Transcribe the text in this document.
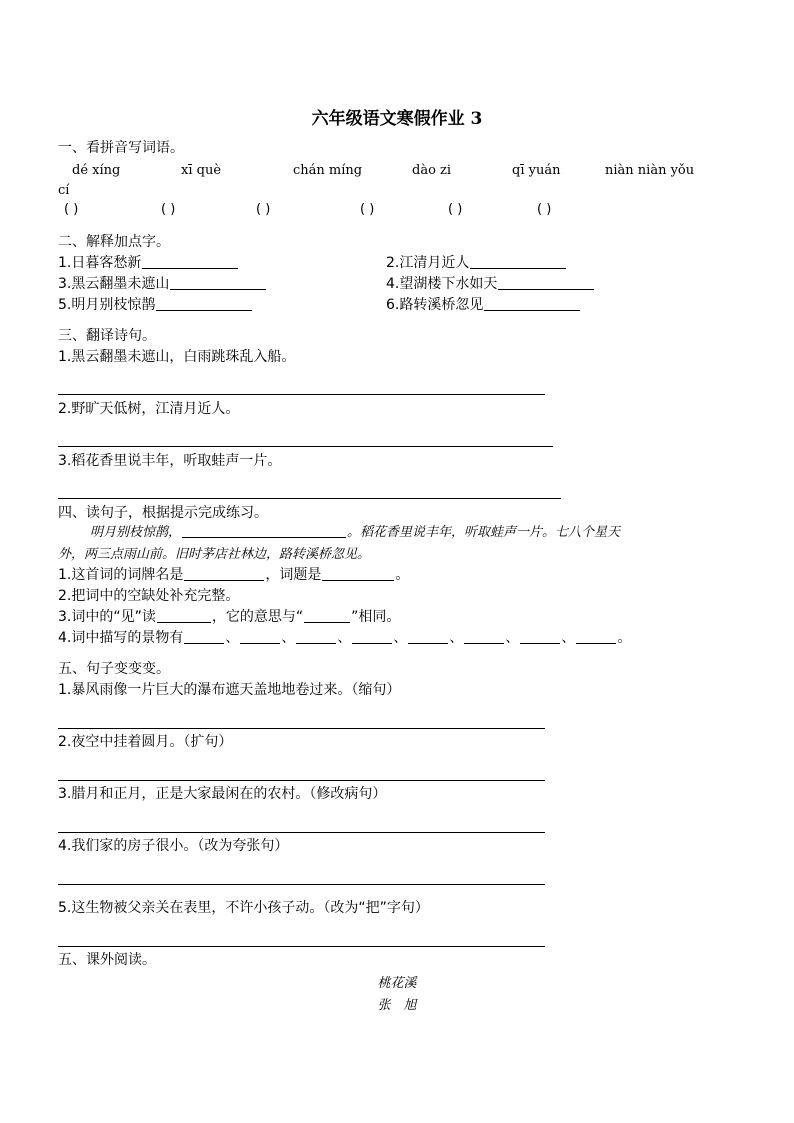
六年级语文寒假作业 3
一、看拼音写词语。
dé xíng	xī què	chán míng	dào zi	qī yuán	niàn niàn yǒu
cí
( )	( )	( )	( )	( )	( )
二、解释加点字。
1.日暮客愁新	2.江清月近人
3.黑云翻墨未遮山	4.望湖楼下水如天
5.明月别枝惊鹊	6.路转溪桥忽见
三、翻译诗句。
1.黑云翻墨未遮山，白雨跳珠乱入船。
2.野旷天低树，江清月近人。
3.稻花香里说丰年，听取蛙声一片。
四、读句子，根据提示完成练习。
明月别枝惊鹊，	。稻花香里说丰年，听取蛙声一片。七八个星天
外，两三点雨山前。旧时茅店社林边，路转溪桥忽见。
1.这首词的词牌名是	，词题是	。
2.把词中的空缺处补充完整。
3.词中的“见”读	，它的意思与“	”相同。
4.词中描写的景物有	、	、	、	、	、	、	、	。
五、句子变变变。
1.暴风雨像一片巨大的瀑布遮天盖地地卷过来。（缩句）
2.夜空中挂着圆月。（扩句）
3.腊月和正月，正是大家最闲在的农村。（修改病句）
4.我们家的房子很小。（改为夸张句）
5.这生物被父亲关在表里，不许小孩子动。（改为“把”字句）
五、课外阅读。
桃花溪
张　旭
